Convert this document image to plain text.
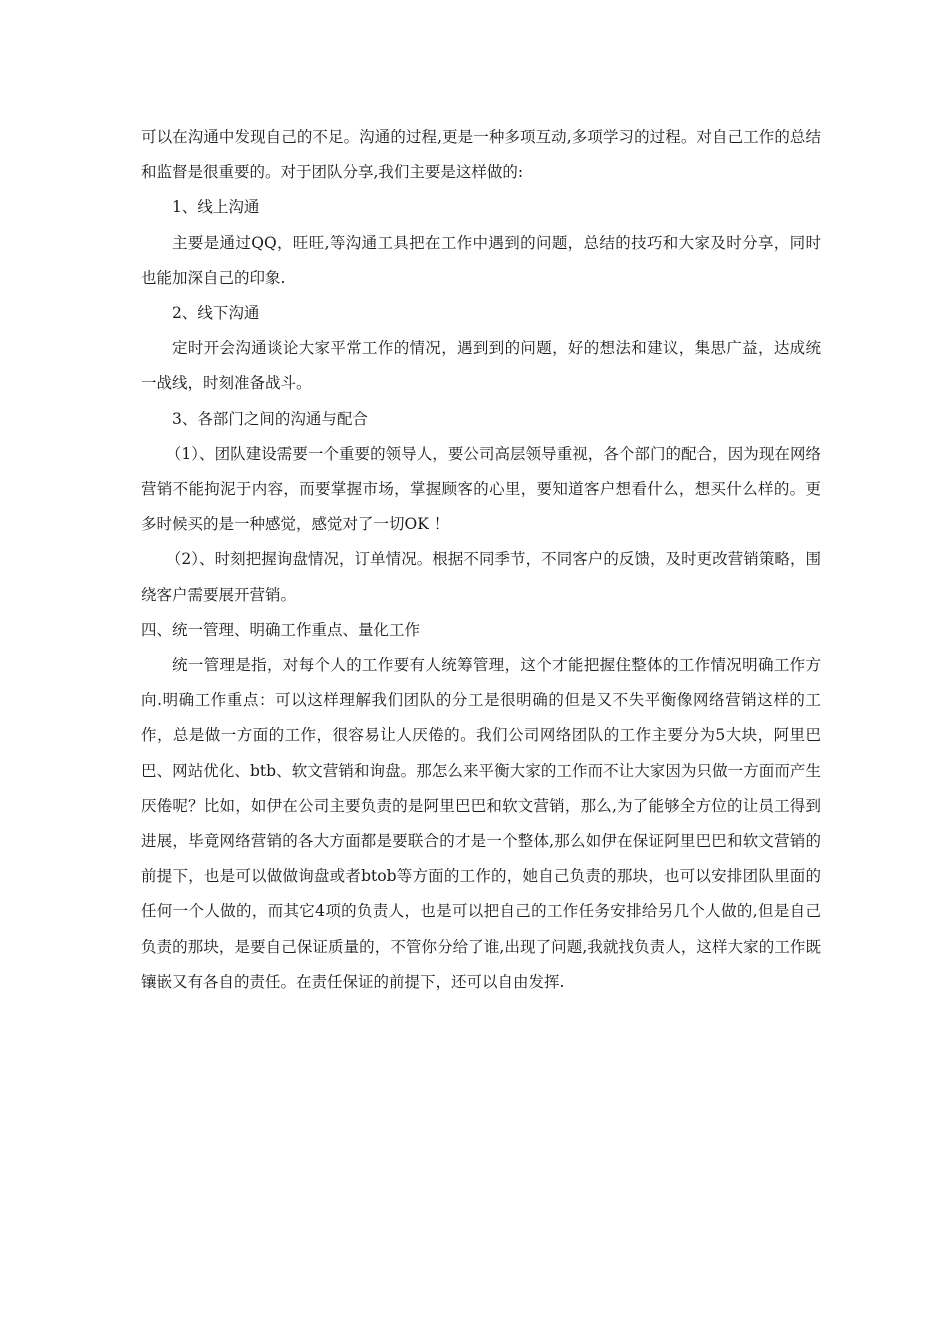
可以在沟通中发现自己的不足。沟通的过程,更是一种多项互动,多项学习的过程。对自己工作的总结和监督是很重要的。对于团队分享,我们主要是这样做的:

1、线上沟通

主要是通过QQ，旺旺,等沟通工具把在工作中遇到的问题，总结的技巧和大家及时分享，同时也能加深自己的印象.

2、线下沟通

定时开会沟通谈论大家平常工作的情况，遇到到的问题，好的想法和建议，集思广益，达成统一战线，时刻准备战斗。

3、各部门之间的沟通与配合

（1）、团队建设需要一个重要的领导人，要公司高层领导重视，各个部门的配合，因为现在网络营销不能拘泥于内容，而要掌握市场，掌握顾客的心里，要知道客户想看什么，想买什么样的。更多时候买的是一种感觉，感觉对了一切OK ！

（2）、时刻把握询盘情况，订单情况。根据不同季节，不同客户的反馈，及时更改营销策略，围绕客户需要展开营销。

四、统一管理、明确工作重点、量化工作

统一管理是指，对每个人的工作要有人统筹管理，这个才能把握住整体的工作情况明确工作方向.明确工作重点：可以这样理解我们团队的分工是很明确的但是又不失平衡像网络营销这样的工作，总是做一方面的工作，很容易让人厌倦的。我们公司网络团队的工作主要分为5大块，阿里巴巴、网站优化、btb、软文营销和询盘。那怎么来平衡大家的工作而不让大家因为只做一方面而产生厌倦呢？比如，如伊在公司主要负责的是阿里巴巴和软文营销，那么,为了能够全方位的让员工得到进展，毕竟网络营销的各大方面都是要联合的才是一个整体,那么如伊在保证阿里巴巴和软文营销的前提下，也是可以做做询盘或者btob等方面的工作的，她自己负责的那块，也可以安排团队里面的任何一个人做的，而其它4项的负责人，也是可以把自己的工作任务安排给另几个人做的,但是自己负责的那块，是要自己保证质量的，不管你分给了谁,出现了问题,我就找负责人，这样大家的工作既镶嵌又有各自的责任。在责任保证的前提下，还可以自由发挥.
